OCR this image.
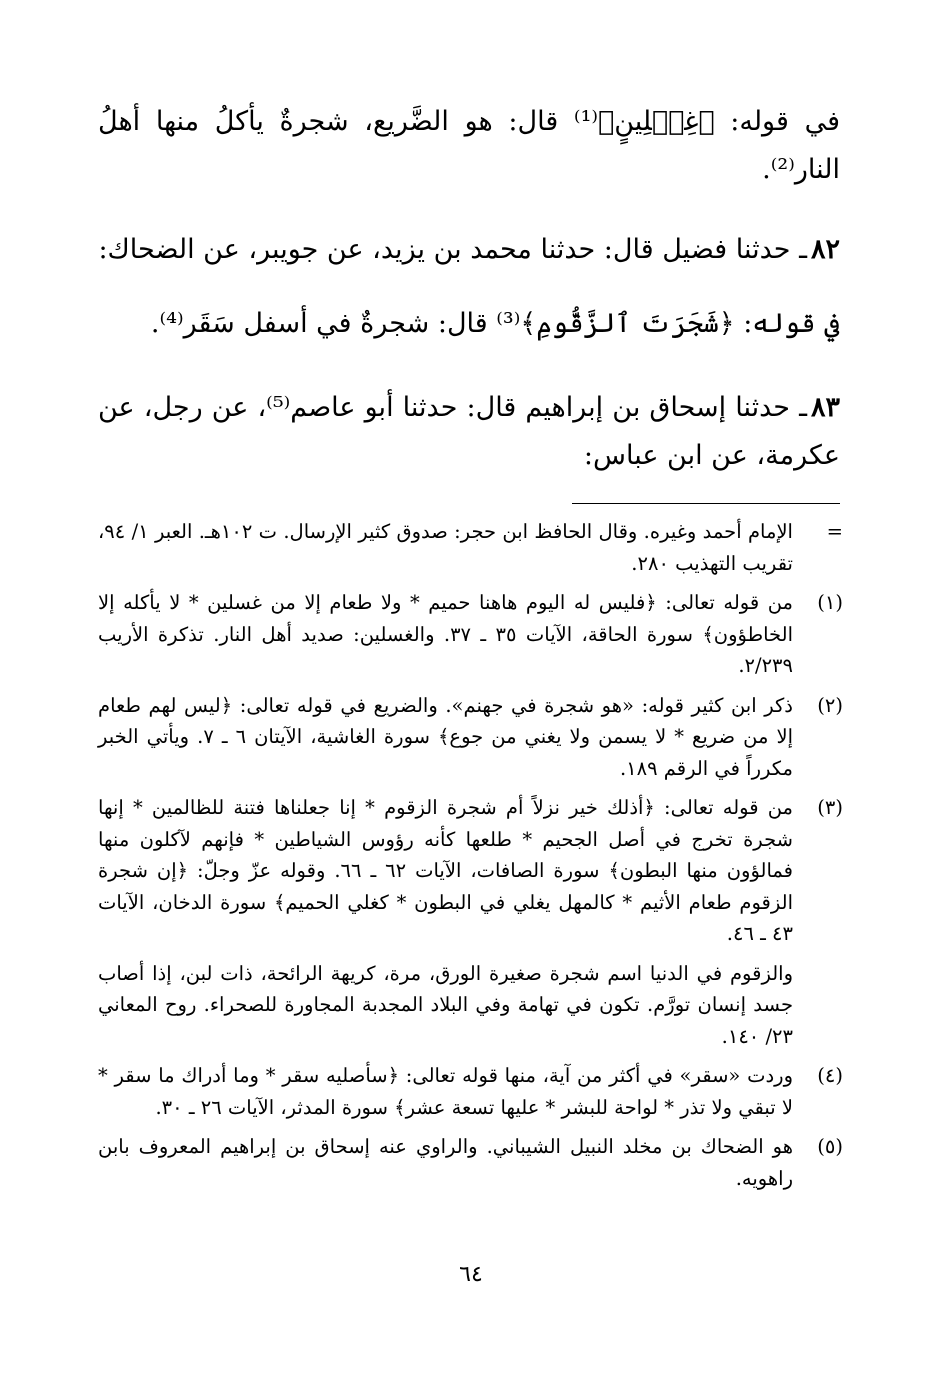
في قوله: ﴿غِسۡلِينٍ﴾⁽¹⁾ قال: هو الضَّريع، شجرةٌ يأكلُ منها أهلُ النار⁽²⁾.

٨٢ـ حدثنا فضيل قال: حدثنا محمد بن يزيد، عن جويبر، عن الضحاك:

في قوله: ﴿شَجَرَتَ ٱلزَّقُّومِ﴾⁽³⁾ قال: شجرةٌ في أسفل سَقَر⁽⁴⁾.

٨٣ـ حدثنا إسحاق بن إبراهيم قال: حدثنا أبو عاصم⁽⁵⁾، عن رجل، عن عكرمة، عن ابن عباس:

=
الإمام أحمد وغيره. وقال الحافظ ابن حجر: صدوق كثير الإرسال. ت ١٠٢هـ. العبر ١/ ٩٤، تقريب التهذيب ٢٨٠.
(١)
من قوله تعالى: ﴿فليس له اليوم هاهنا حميم * ولا طعام إلا من غسلين * لا يأكله إلا الخاطؤون﴾ سورة الحاقة، الآيات ٣٥ ـ ٣٧. والغسلين: صديد أهل النار. تذكرة الأريب ٢/٢٣٩.
(٢)
ذكر ابن كثير قوله: «هو شجرة في جهنم». والضريع في قوله تعالى: ﴿ليس لهم طعام إلا من ضريع * لا يسمن ولا يغني من جوع﴾ سورة الغاشية، الآيتان ٦ ـ ٧. ويأتي الخبر مكرراً في الرقم ١٨٩.
(٣)
من قوله تعالى: ﴿أذلك خير نزلاً أم شجرة الزقوم * إنا جعلناها فتنة للظالمين * إنها شجرة تخرج في أصل الجحيم * طلعها كأنه رؤوس الشياطين * فإنهم لآكلون منها فمالؤون منها البطون﴾ سورة الصافات، الآيات ٦٢ ـ ٦٦. وقوله عزّ وجلّ: ﴿إن شجرة الزقوم طعام الأثيم * كالمهل يغلي في البطون * كغلي الحميم﴾ سورة الدخان، الآيات ٤٣ ـ ٤٦.
والزقوم في الدنيا اسم شجرة صغيرة الورق، مرة، كريهة الرائحة، ذات لبن، إذا أصاب جسد إنسان تورَّم. تكون في تهامة وفي البلاد المجدبة المجاورة للصحراء. روح المعاني ٢٣/ ١٤٠.
(٤)
وردت «سقر» في أكثر من آية، منها قوله تعالى: ﴿سأصليه سقر * وما أدراك ما سقر * لا تبقي ولا تذر * لواحة للبشر * عليها تسعة عشر﴾ سورة المدثر، الآيات ٢٦ ـ ٣٠.
(٥)
هو الضحاك بن مخلد النبيل الشيباني. والراوي عنه إسحاق بن إبراهيم المعروف بابن راهويه.
٦٤
